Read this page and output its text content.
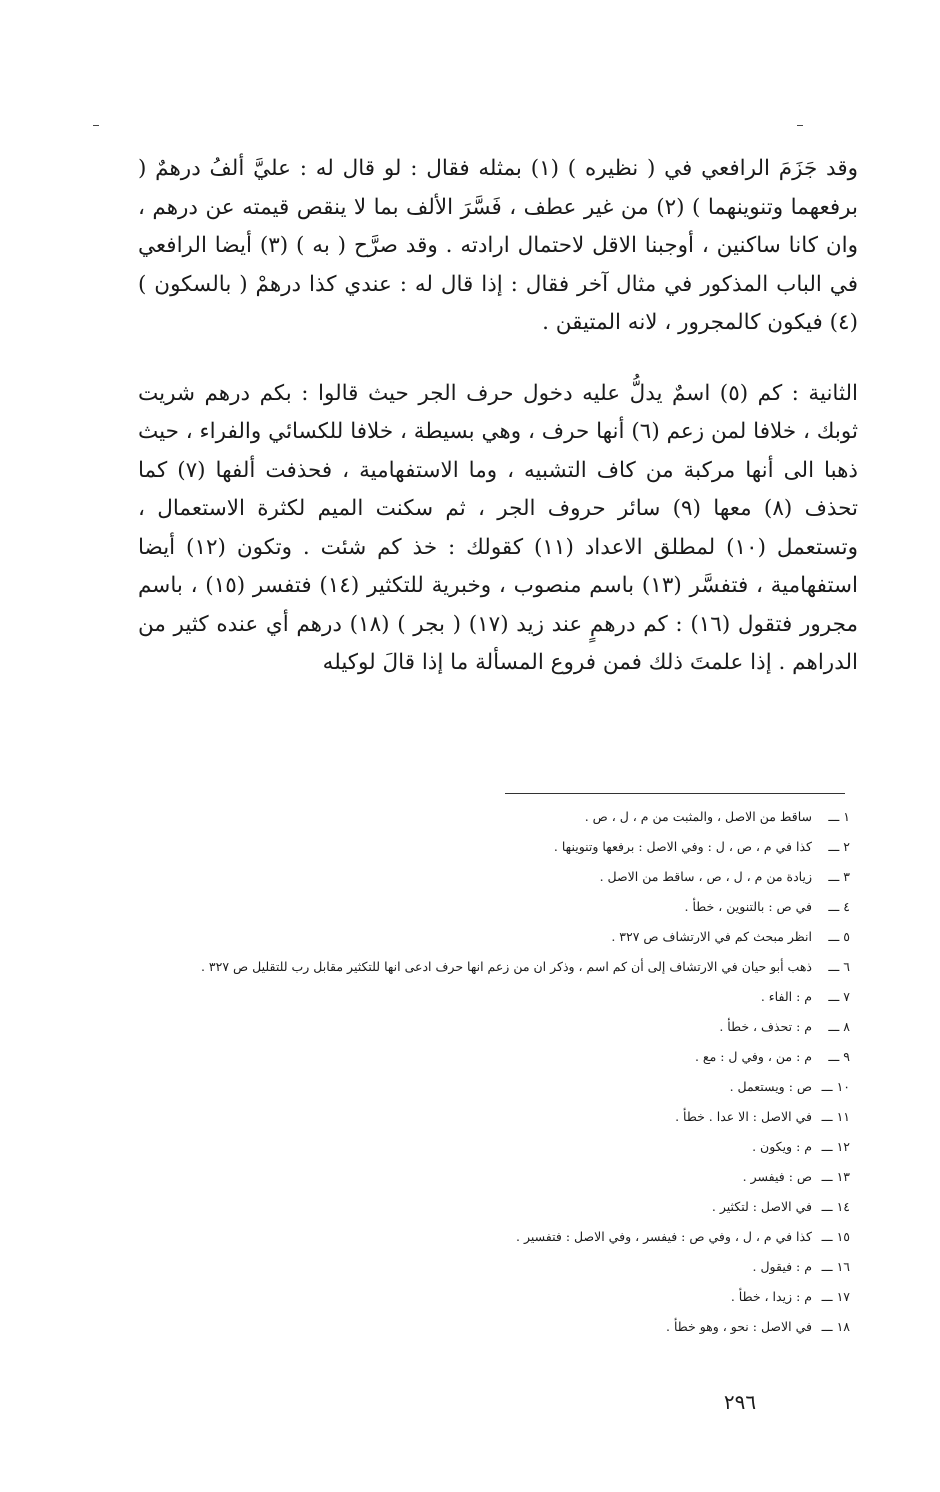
وقد جَزَمَ الرافعي في ( نظيره ) (١) بمثله فقال : لو قال له : عليَّ ألفُ درهمٌ ( برفعهما وتنوينهما ) (٢) من غير عطف ، فَسَّرَ الألف بما لا ينقص قيمته عن درهم ، وان كانا ساكنين ، أوجبنا الاقل لاحتمال ارادته . وقد صرَّح ( به ) (٣) أيضا الرافعي في الباب المذكور في مثال آخر فقال : إذا قال له : عندي كذا درهمْ ( بالسكون ) (٤) فيكون كالمجرور ، لانه المتيقن .

الثانية : كم (٥) اسمٌ يدلُّ عليه دخول حرف الجر حيث قالوا : بكم درهم شريت ثوبك ، خلافا لمن زعم (٦) أنها حرف ، وهي بسيطة ، خلافا للكسائي والفراء ، حيث ذهبا الى أنها مركبة من كاف التشبيه ، وما الاستفهامية ، فحذفت ألفها (٧) كما تحذف (٨) معها (٩) سائر حروف الجر ، ثم سكنت الميم لكثرة الاستعمال ، وتستعمل (١٠) لمطلق الاعداد (١١) كقولك : خذ كم شئت . وتكون (١٢) أيضا استفهامية ، فتفسَّر (١٣) باسم منصوب ، وخبرية للتكثير (١٤) فتفسر (١٥) ، باسم مجرور فتقول (١٦) : كم درهمٍ عند زيد (١٧) ( بجر ) (١٨) درهم أي عنده كثير من الدراهم . إذا علمتَ ذلك فمن فروع المسألة ما إذا قالَ لوكيله

١ ـــ
ساقط من الاصل ، والمثبت من م ، ل ، ص .
٢ ـــ
كذا في م ، ص ، ل : وفي الاصل : برفعها وتنوينها .
٣ ـــ
زيادة من م ، ل ، ص ، ساقط من الاصل .
٤ ـــ
في ص : بالتنوين ، خطأ .
٥ ـــ
انظر مبحث كم في الارتشاف ص ٣٢٧ .
٦ ـــ
ذهب أبو حيان في الارتشاف إلى أن كم اسم ، وذكر ان من زعم انها حرف ادعى انها للتكثير مقابل رب للتقليل ص ٣٢٧ .
٧ ـــ
م : الفاء .
٨ ـــ
م : تحذف ، خطأ .
٩ ـــ
م : من ، وفي ل : مع .
١٠ ـــ
ص : ويستعمل .
١١ ـــ
في الاصل : الا عدا . خطأ .
١٢ ـــ
م : ويكون .
١٣ ـــ
ص : فيفسر .
١٤ ـــ
في الاصل : لتكثير .
١٥ ـــ
كذا في م ، ل ، وفي ص : فيفسر ، وفي الاصل : فتفسير .
١٦ ـــ
م : فيقول .
١٧ ـــ
م : زيدا ، خطأ .
١٨ ـــ
في الاصل : نحو ، وهو خطأ .
٢٩٦
